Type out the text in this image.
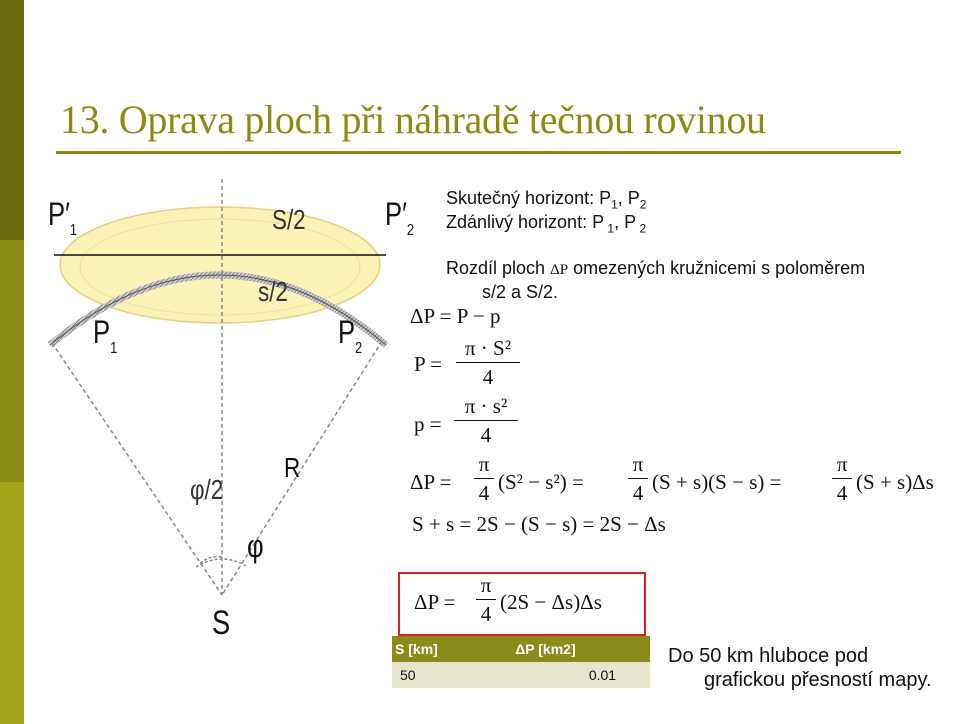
13. Oprava ploch při náhradě tečnou rovinou
$P'_1$	$P'_2$
S/2
s/2
$P_1$	$P_2$
R
φ/2
φ
S
Skutečný horizont: $P_1$, $P_2$
Zdánlivý horizont: P $_1$, P $_2$
Rozdíl ploch ΔP omezených kružnicemi s poloměrem
s/2 a S/2.
ΔP = P − p
P =
π · S²
4
p =
π · s²
4
ΔP =
π
4 (S² − s²) =
π
4 (S + s)(S − s) =
π
4 (S + s)Δs
S + s = 2S − (S − s) = 2S − Δs
ΔP =
π
4 (2S − Δs)Δs
S [km]	ΔP [km2]
50	0.01
Do 50 km hluboce pod grafickou přesností mapy.
